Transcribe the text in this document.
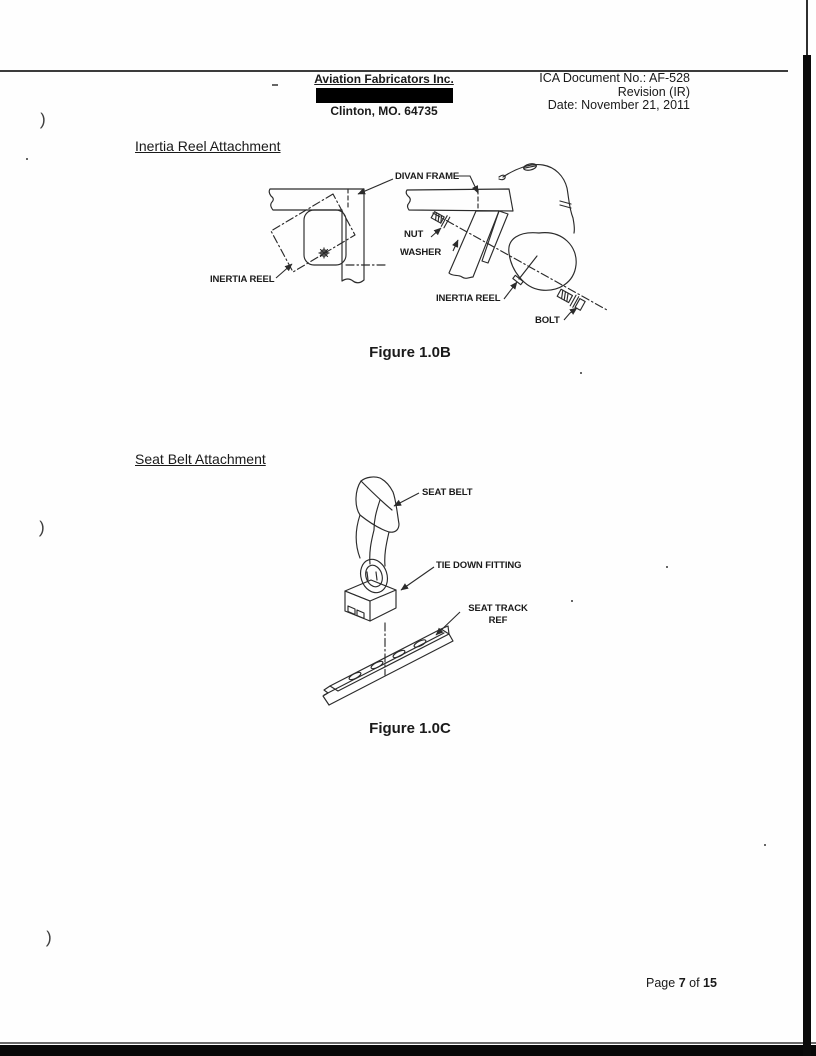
Aviation Fabricators Inc.
Clinton, MO. 64735
ICA Document No.: AF-528
Revision (IR)
Date: November 21, 2011
)
)
)
Inertia Reel Attachment
DIVAN FRAME
NUT
WASHER
INERTIA REEL
INERTIA REEL
BOLT
Figure 1.0B
Seat Belt Attachment
SEAT BELT
TIE DOWN FITTING
SEAT TRACK
REF
Figure 1.0C
Page 7 of 15
